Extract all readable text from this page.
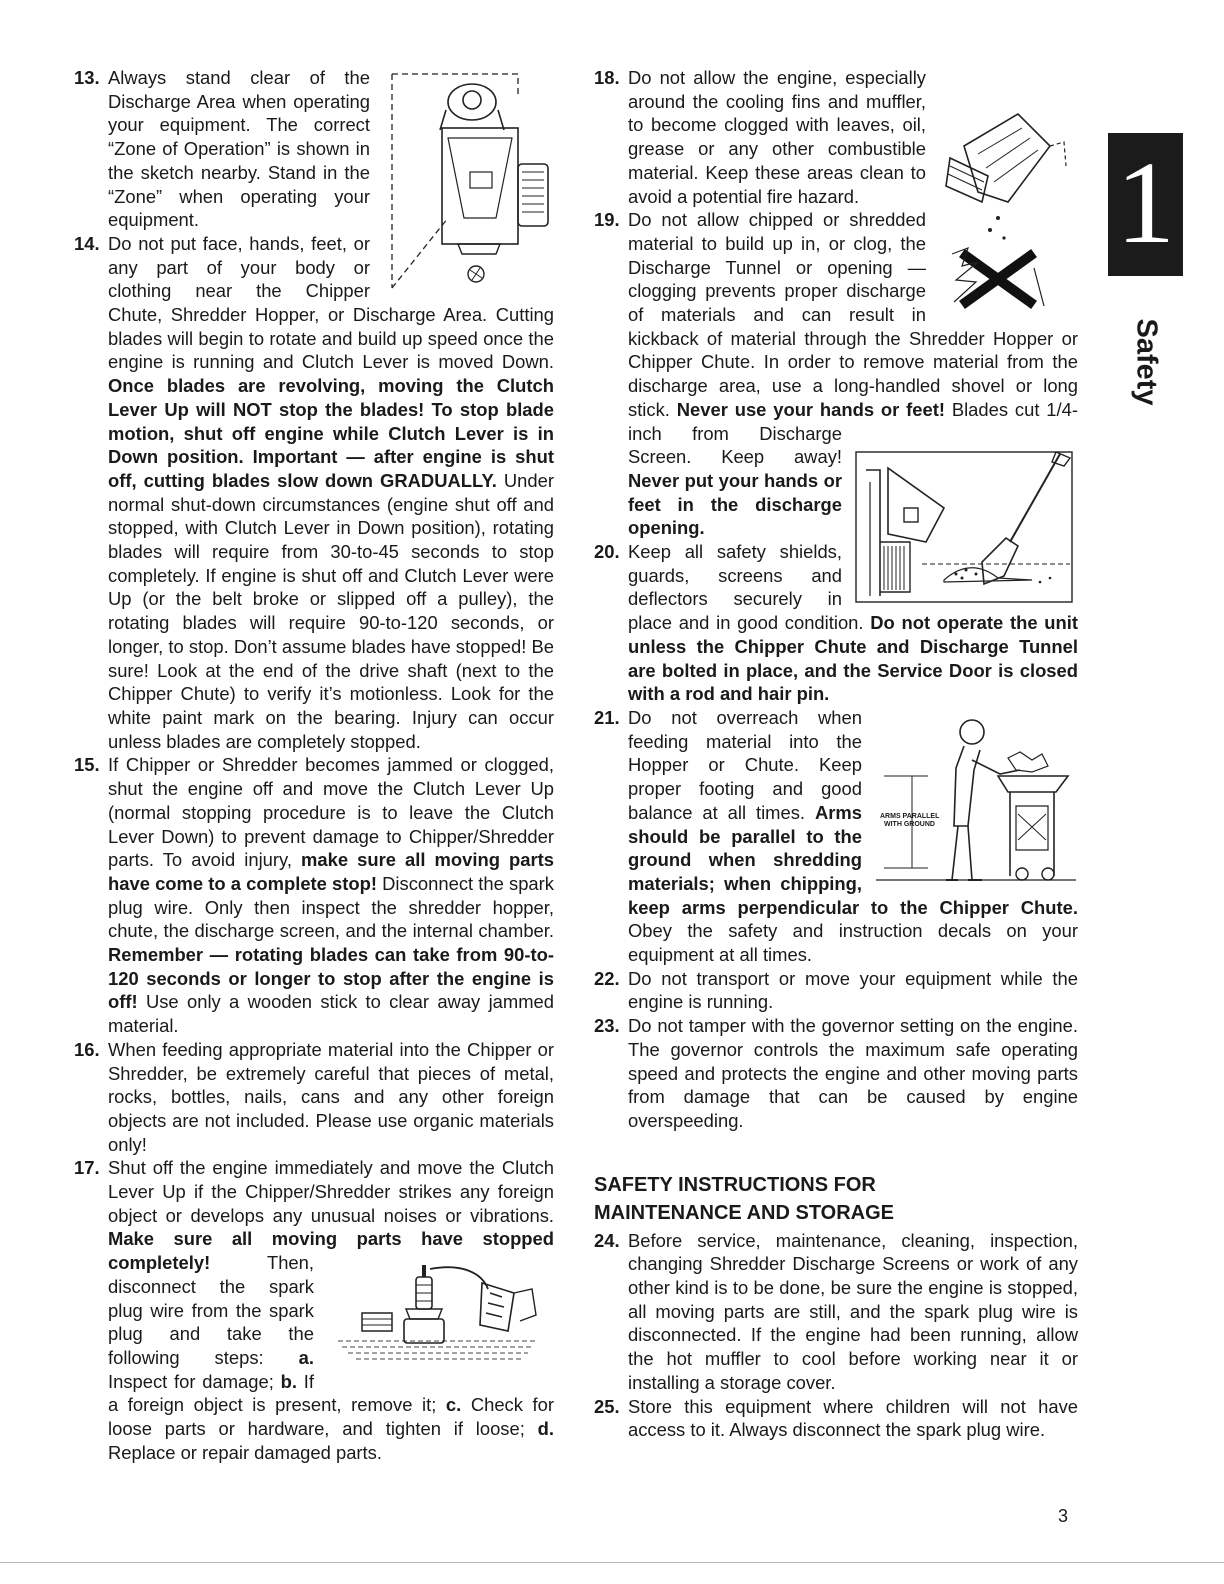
13. Always stand clear of the Discharge Area when operating your equipment. The correct “Zone of Operation” is shown in the sketch nearby. Stand in the “Zone” when operating your equipment.
14. Do not put face, hands, feet, or any part of your body or clothing near the Chipper Chute, Shredder Hopper, or Discharge Area. Cutting blades will begin to rotate and build up speed once the engine is running and Clutch Lever is moved Down. Once blades are revolving, moving the Clutch Lever Up will NOT stop the blades! To stop blade motion, shut off engine while Clutch Lever is in Down position. Important — after engine is shut off, cutting blades slow down GRADUALLY. Under normal shut-down circumstances (engine shut off and stopped, with Clutch Lever in Down position), rotating blades will require from 30-to-45 seconds to stop completely. If engine is shut off and Clutch Lever were Up (or the belt broke or slipped off a pulley), the rotating blades will require 90-to-120 seconds, or longer, to stop. Don’t assume blades have stopped! Be sure! Look at the end of the drive shaft (next to the Chipper Chute) to verify it’s motionless. Look for the white paint mark on the bearing. Injury can occur unless blades are completely stopped.
15. If Chipper or Shredder becomes jammed or clogged, shut the engine off and move the Clutch Lever Up (normal stopping procedure is to leave the Clutch Lever Down) to prevent damage to Chipper/Shredder parts. To avoid injury, make sure all moving parts have come to a complete stop! Disconnect the spark plug wire. Only then inspect the shredder hopper, chute, the discharge screen, and the internal chamber. Remember — rotating blades can take from 90-to-120 seconds or longer to stop after the engine is off! Use only a wooden stick to clear away jammed material.
16. When feeding appropriate material into the Chipper or Shredder, be extremely careful that pieces of metal, rocks, bottles, nails, cans and any other foreign objects are not included. Please use organic materials only!
17. Shut off the engine immediately and move the Clutch Lever Up if the Chipper/Shredder strikes any foreign object or develops any unusual noises or vibrations. Make sure all moving parts have stopped completely!	Then, disconnect the spark plug wire from the spark plug and take the following steps: a. Inspect for damage; b. If a foreign object is present, remove it; c. Check for loose parts or hardware, and tighten if loose; d. Replace or repair damaged parts.
18. Do not allow the engine, especially around the cooling fins and muffler, to become clogged with leaves, oil, grease or any other combustible material. Keep these areas clean to avoid a potential fire hazard.
19. Do not allow chipped or shredded material to build up in, or clog, the Discharge Tunnel or opening — clogging prevents proper discharge of materials and can result in kickback of material through the Shredder Hopper or Chipper Chute. In order to remove material from the discharge area, use a long-handled shovel or long stick. Never use your hands or feet! Blades cut 1/4-inch from Discharge Screen. Keep away! Never put your hands or feet in the discharge opening.
20. Keep all safety shields, guards, screens and deflectors securely in place and in good condition. Do not operate the unit unless the Chipper Chute and Discharge Tunnel are bolted in place, and the Service Door is closed with a rod and hair pin.
21.
ARMS PARALLEL
WITH GROUND
Do not overreach when feeding material into the Hopper or Chute. Keep proper footing and good balance at all times. Arms should be parallel to the ground when shredding materials; when chipping, keep arms perpendicular to the Chipper Chute. Obey the safety and instruction decals on your equipment at all times.
22. Do not transport or move your equipment while the engine is running.
23. Do not tamper with the governor setting on the engine. The governor controls the maximum safe operating speed and protects the engine and other moving parts from damage that can be caused by engine overspeeding.
SAFETY INSTRUCTIONS FOR
MAINTENANCE AND STORAGE
24. Before service, maintenance, cleaning, inspection, changing Shredder Discharge Screens or work of any other kind is to be done, be sure the engine is stopped, all moving parts are still, and the spark plug wire is disconnected. If the engine had been running, allow the hot muffler to cool before working near it or installing a storage cover.
25. Store this equipment where children will not have access to it. Always disconnect the spark plug wire.
1
Safety
3
